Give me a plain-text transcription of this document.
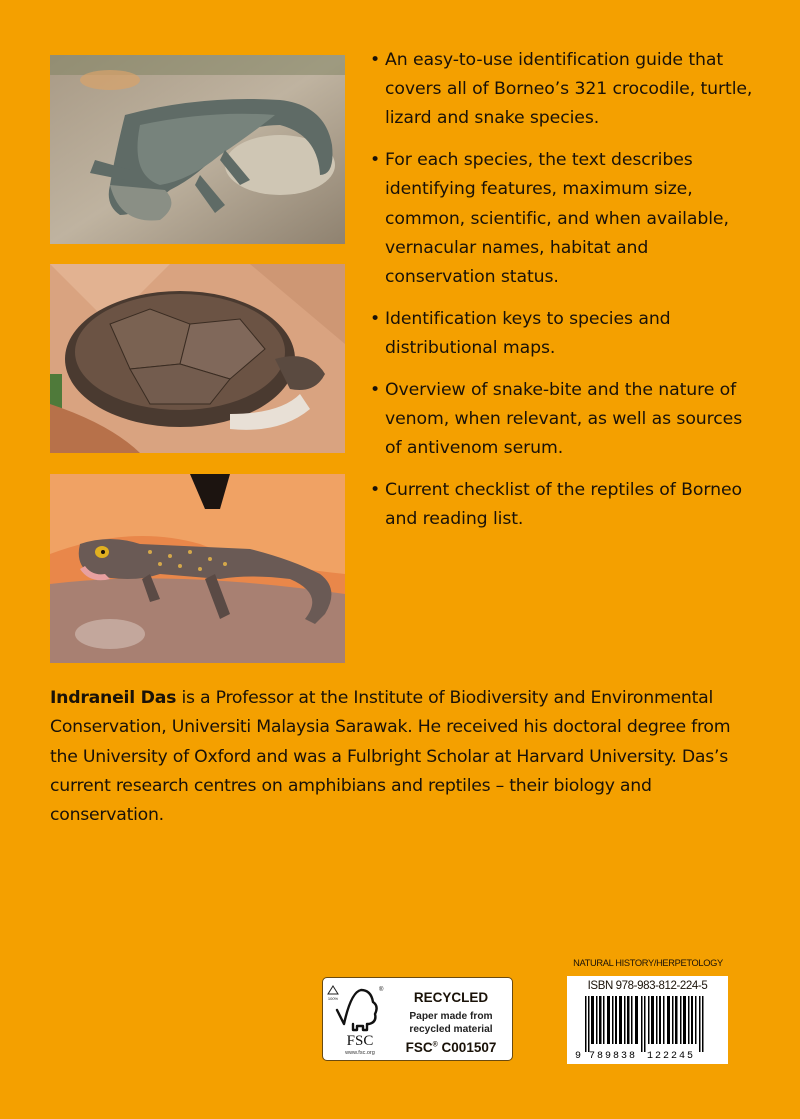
• An easy-to-use identification guide that covers all of Borneo’s 321 crocodile, turtle, lizard and snake species.
• For each species, the text describes identifying features, maximum size, common, scientific, and when available, vernacular names, habitat and conservation status.
• Identification keys to species and distributional maps.
• Overview of snake-bite and the nature of venom, when relevant, as well as sources of antivenom serum.
• Current checklist of the reptiles of Borneo and reading list.

Indraneil Das is a Professor at the Institute of Biodiversity and Environmental Conservation, Universiti Malaysia Sarawak. He received his doctoral degree from the University of Oxford and was a Fulbright Scholar at Harvard University. Das’s current research centres on amphibians and reptiles – their biology and conservation.

100%
®
FSC
www.fsc.org
RECYCLED
Paper made from
recycled material
FSC® C001507
NATURAL HISTORY/HERPETOLOGY
ISBN 978-983-812-224-5
9 7 8 9 8 3 8 1 2 2 2 4 5
